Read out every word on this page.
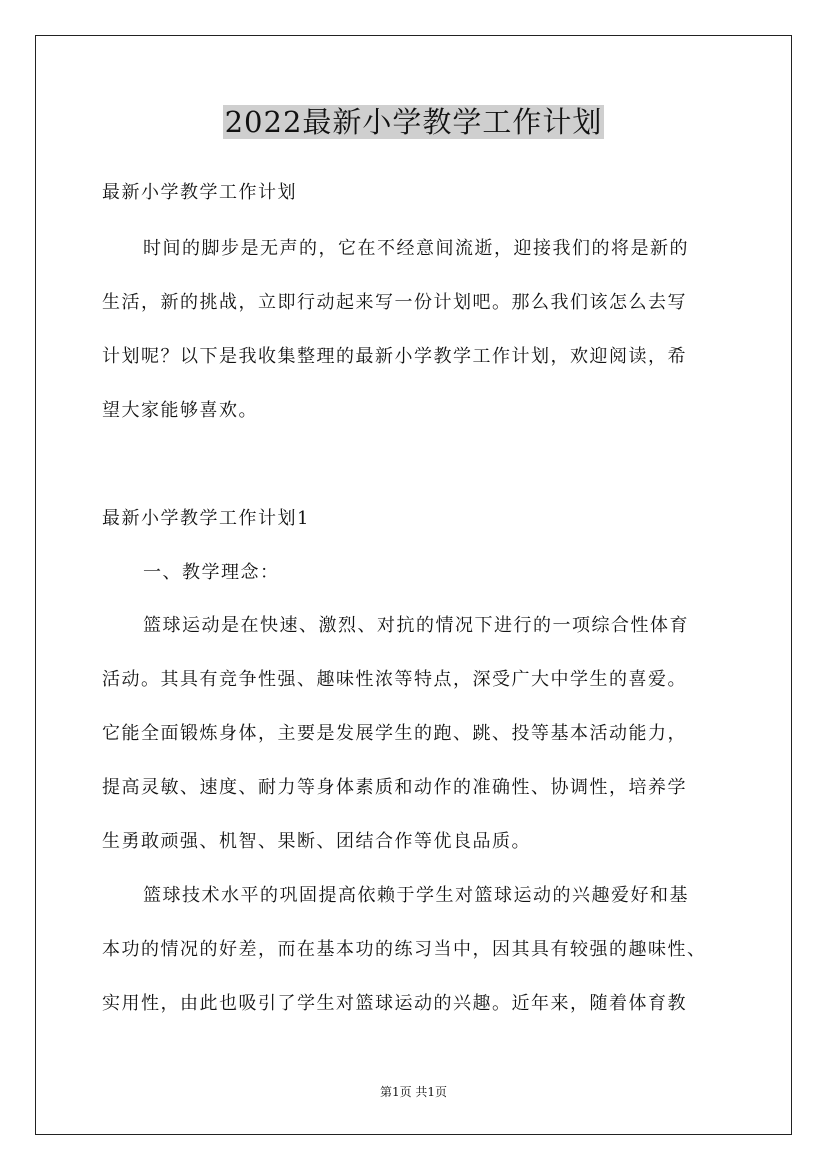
2022最新小学教学工作计划
最新小学教学工作计划
时间的脚步是无声的，它在不经意间流逝，迎接我们的将是新的
生活，新的挑战，立即行动起来写一份计划吧。那么我们该怎么去写
计划呢？以下是我收集整理的最新小学教学工作计划，欢迎阅读，希
望大家能够喜欢。
最新小学教学工作计划1
一、教学理念：
篮球运动是在快速、激烈、对抗的情况下进行的一项综合性体育
活动。其具有竞争性强、趣味性浓等特点，深受广大中学生的喜爱。
它能全面锻炼身体，主要是发展学生的跑、跳、投等基本活动能力，
提高灵敏、速度、耐力等身体素质和动作的准确性、协调性，培养学
生勇敢顽强、机智、果断、团结合作等优良品质。
篮球技术水平的巩固提高依赖于学生对篮球运动的兴趣爱好和基
本功的情况的好差，而在基本功的练习当中，因其具有较强的趣味性、
实用性，由此也吸引了学生对篮球运动的兴趣。近年来，随着体育教
第1页 共1页
